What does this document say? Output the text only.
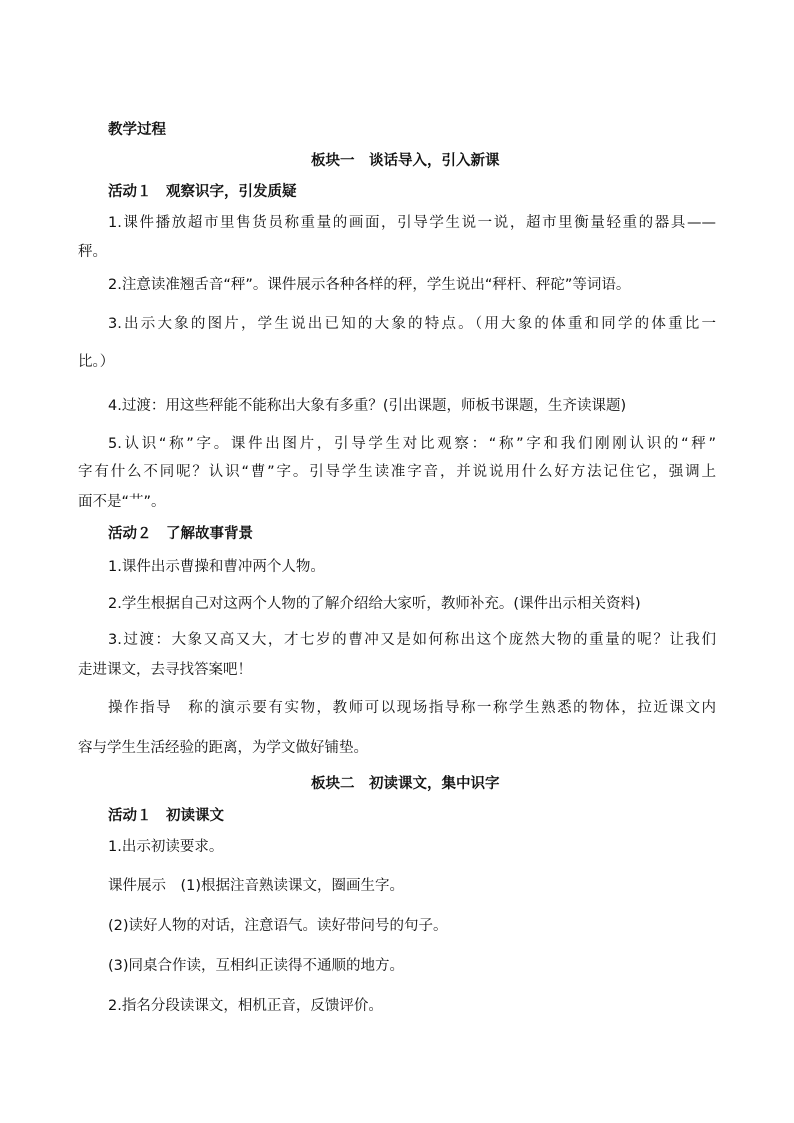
教学过程

板块一　谈话导入，引入新课

活动１　观察识字，引发质疑

1.课件播放超市里售货员称重量的画面，引导学生说一说，超市里衡量轻重的器具——

秤。

2.注意读准翘舌音“秤”。课件展示各种各样的秤，学生说出“秤杆、秤砣”等词语。

3.出示大象的图片，学生说出已知的大象的特点。（用大象的体重和同学的体重比一

比。）

4.过渡：用这些秤能不能称出大象有多重？(引出课题，师板书课题，生齐读课题)

5.认识“称”字。课件出图片，引导学生对比观察：“称”字和我们刚刚认识的“秤”

字有什么不同呢？认识“曹”字。引导学生读准字音，并说说用什么好方法记住它，强调上

面不是“艹”。

活动２　了解故事背景

1.课件出示曹操和曹冲两个人物。

2.学生根据自己对这两个人物的了解介绍给大家听，教师补充。(课件出示相关资料)

3.过渡：大象又高又大，才七岁的曹冲又是如何称出这个庞然大物的重量的呢？让我们

走进课文，去寻找答案吧！

操作指导　称的演示要有实物，教师可以现场指导称一称学生熟悉的物体，拉近课文内

容与学生生活经验的距离，为学文做好铺垫。

板块二　初读课文，集中识字

活动１　初读课文

1.出示初读要求。

课件展示　(1)根据注音熟读课文，圈画生字。

(2)读好人物的对话，注意语气。读好带问号的句子。

(3)同桌合作读，互相纠正读得不通顺的地方。

2.指名分段读课文，相机正音，反馈评价。
